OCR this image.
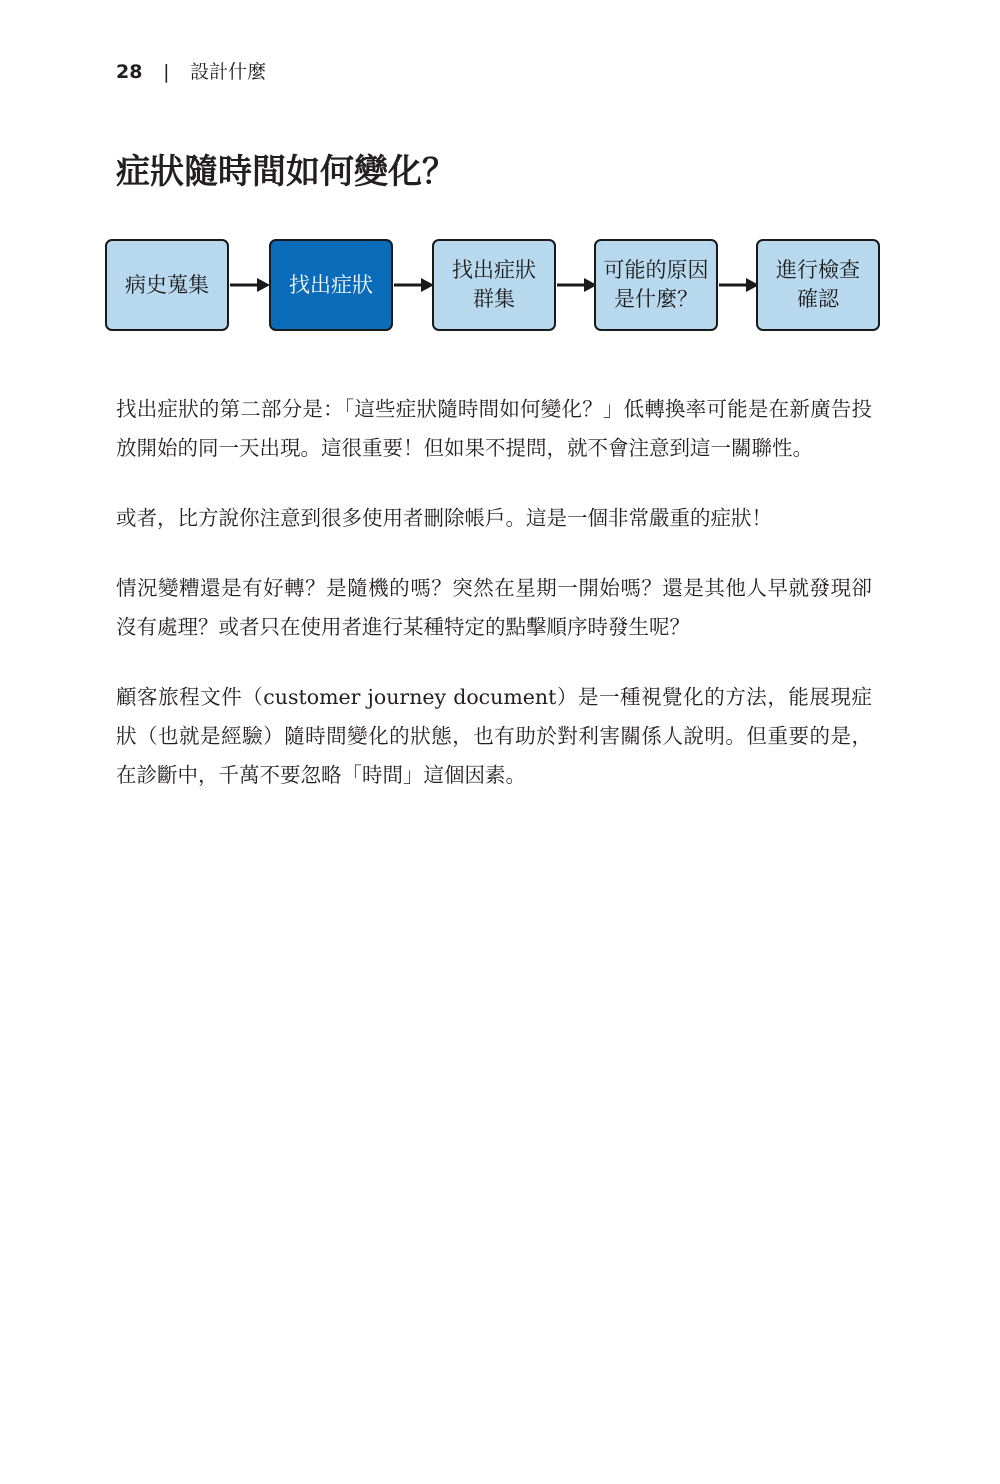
28 | 設計什麼
症狀隨時間如何變化？
病史蒐集	找出症狀
找出症狀
群集
可能的原因
是什麼？
進行檢查
確認

找出症狀的第二部分是：「這些症狀隨時間如何變化？」低轉換率可能是在新廣告投放開始的同一天出現。這很重要！但如果不提問，就不會注意到這一關聯性。

或者，比方說你注意到很多使用者刪除帳戶。這是一個非常嚴重的症狀！

情況變糟還是有好轉？是隨機的嗎？突然在星期一開始嗎？還是其他人早就發現卻沒有處理？或者只在使用者進行某種特定的點擊順序時發生呢？

顧客旅程文件（customer journey document）是一種視覺化的方法，能展現症狀（也就是經驗）隨時間變化的狀態，也有助於對利害關係人說明。但重要的是，在診斷中，千萬不要忽略「時間」這個因素。
